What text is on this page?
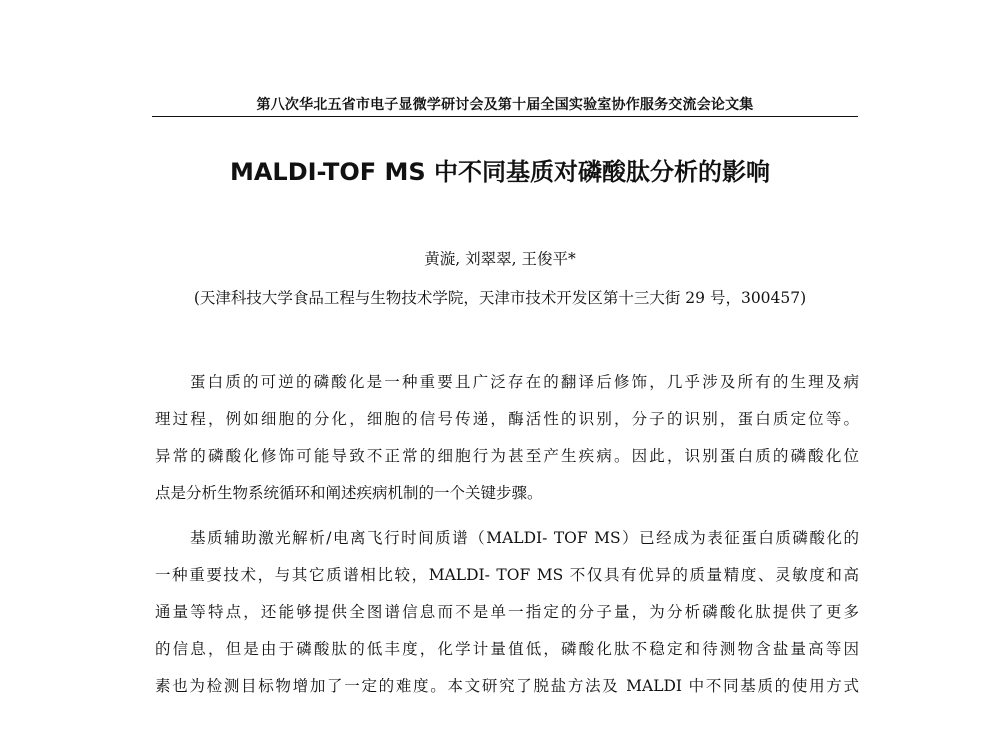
第八次华北五省市电子显微学研讨会及第十届全国实验室协作服务交流会论文集
MALDI-TOF MS 中不同基质对磷酸肽分析的影响
黄漩, 刘翠翠, 王俊平*
(天津科技大学食品工程与生物技术学院，天津市技术开发区第十三大街 29 号，300457)
蛋白质的可逆的磷酸化是一种重要且广泛存在的翻译后修饰，几乎涉及所有的生理及病
理过程，例如细胞的分化，细胞的信号传递，酶活性的识别，分子的识别，蛋白质定位等。
异常的磷酸化修饰可能导致不正常的细胞行为甚至产生疾病。因此，识别蛋白质的磷酸化位
点是分析生物系统循环和阐述疾病机制的一个关键步骤。
基质辅助激光解析/电离飞行时间质谱（MALDI- TOF MS）已经成为表征蛋白质磷酸化的
一种重要技术，与其它质谱相比较，MALDI- TOF MS 不仅具有优异的质量精度、灵敏度和高
通量等特点，还能够提供全图谱信息而不是单一指定的分子量，为分析磷酸化肽提供了更多
的信息，但是由于磷酸肽的低丰度，化学计量值低，磷酸化肽不稳定和待测物含盐量高等因
素也为检测目标物增加了一定的难度。本文研究了脱盐方法及 MALDI 中不同基质的使用方式
